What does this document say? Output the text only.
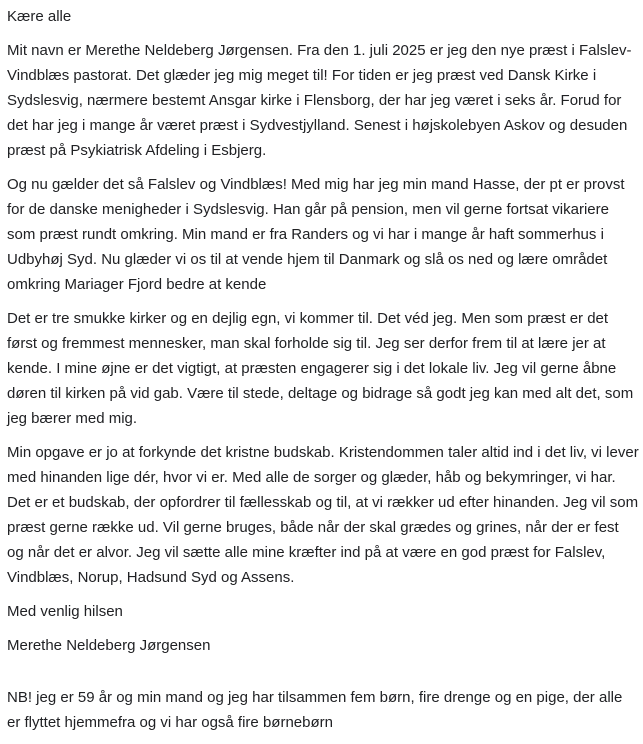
Kære alle

Mit navn er Merethe Neldeberg Jørgensen. Fra den 1. juli 2025 er jeg den nye præst i Falslev-Vindblæs pastorat. Det glæder jeg mig meget til! For tiden er jeg præst ved Dansk Kirke i Sydslesvig, nærmere bestemt Ansgar kirke i Flensborg, der har jeg været i seks år. Forud for det har jeg i mange år været præst i Sydvestjylland. Senest i højskolebyen Askov og desuden præst på Psykiatrisk Afdeling i Esbjerg.

Og nu gælder det så Falslev og Vindblæs! Med mig har jeg min mand Hasse, der pt er provst for de danske menigheder i Sydslesvig. Han går på pension, men vil gerne fortsat vikariere som præst rundt omkring. Min mand er fra Randers og vi har i mange år haft sommerhus i Udbyhøj Syd. Nu glæder vi os til at vende hjem til Danmark og slå os ned og lære området omkring Mariager Fjord bedre at kende

Det er tre smukke kirker og en dejlig egn, vi kommer til. Det véd jeg. Men som præst er det først og fremmest mennesker, man skal forholde sig til. Jeg ser derfor frem til at lære jer at kende. I mine øjne er det vigtigt, at præsten engagerer sig i det lokale liv. Jeg vil gerne åbne døren til kirken på vid gab. Være til stede, deltage og bidrage så godt jeg kan med alt det, som jeg bærer med mig.

Min opgave er jo at forkynde det kristne budskab. Kristendommen taler altid ind i det liv, vi lever med hinanden lige dér, hvor vi er. Med alle de sorger og glæder, håb og bekymringer, vi har. Det er et budskab, der opfordrer til fællesskab og til, at vi rækker ud efter hinanden. Jeg vil som præst gerne række ud. Vil gerne bruges, både når der skal grædes og grines, når der er fest og når det er alvor. Jeg vil sætte alle mine kræfter ind på at være en god præst for Falslev, Vindblæs, Norup, Hadsund Syd og Assens.

Med venlig hilsen

Merethe Neldeberg Jørgensen

NB! jeg er 59 år og min mand og jeg har tilsammen fem børn, fire drenge og en pige, der alle er flyttet hjemmefra og vi har også fire børnebørn
